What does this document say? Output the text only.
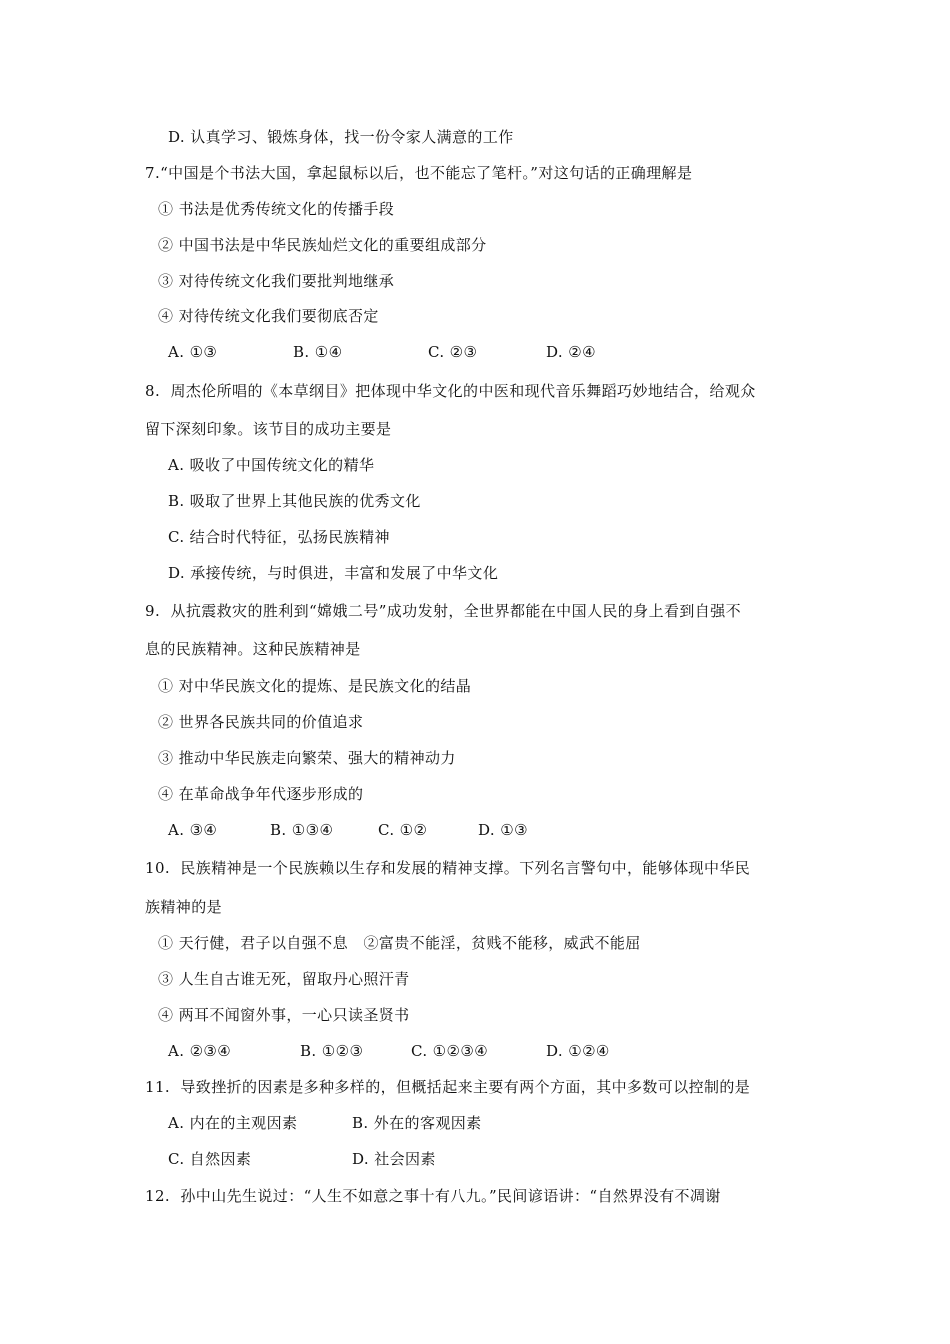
D. 认真学习、锻炼身体，找一份令家人满意的工作
7.“中国是个书法大国，拿起鼠标以后，也不能忘了笔杆。”对这句话的正确理解是
① 书法是优秀传统文化的传播手段
② 中国书法是中华民族灿烂文化的重要组成部分
③ 对待传统文化我们要批判地继承
④ 对待传统文化我们要彻底否定
A. ①③	B. ①④	C. ②③	D. ②④
8.  周杰伦所唱的《本草纲目》把体现中华文化的中医和现代音乐舞蹈巧妙地结合，给观众
留下深刻印象。该节目的成功主要是
A. 吸收了中国传统文化的精华
B. 吸取了世界上其他民族的优秀文化
C. 结合时代特征，弘扬民族精神
D. 承接传统，与时俱进，丰富和发展了中华文化
9.  从抗震救灾的胜利到“嫦娥二号”成功发射，全世界都能在中国人民的身上看到自强不
息的民族精神。这种民族精神是
① 对中华民族文化的提炼、是民族文化的结晶
② 世界各民族共同的价值追求
③ 推动中华民族走向繁荣、强大的精神动力
④ 在革命战争年代逐步形成的
A. ③④	B. ①③④	C. ①②	D. ①③
10.  民族精神是一个民族赖以生存和发展的精神支撑。下列名言警句中，能够体现中华民
族精神的是
① 天行健，君子以自强不息   ②富贵不能淫，贫贱不能移，威武不能屈
③ 人生自古谁无死，留取丹心照汗青
④ 两耳不闻窗外事，一心只读圣贤书
A. ②③④	B. ①②③	C. ①②③④	D. ①②④
11.  导致挫折的因素是多种多样的，但概括起来主要有两个方面，其中多数可以控制的是
A. 内在的主观因素	B. 外在的客观因素
C. 自然因素	D. 社会因素
12.  孙中山先生说过：“人生不如意之事十有八九。”民间谚语讲：“自然界没有不凋谢
